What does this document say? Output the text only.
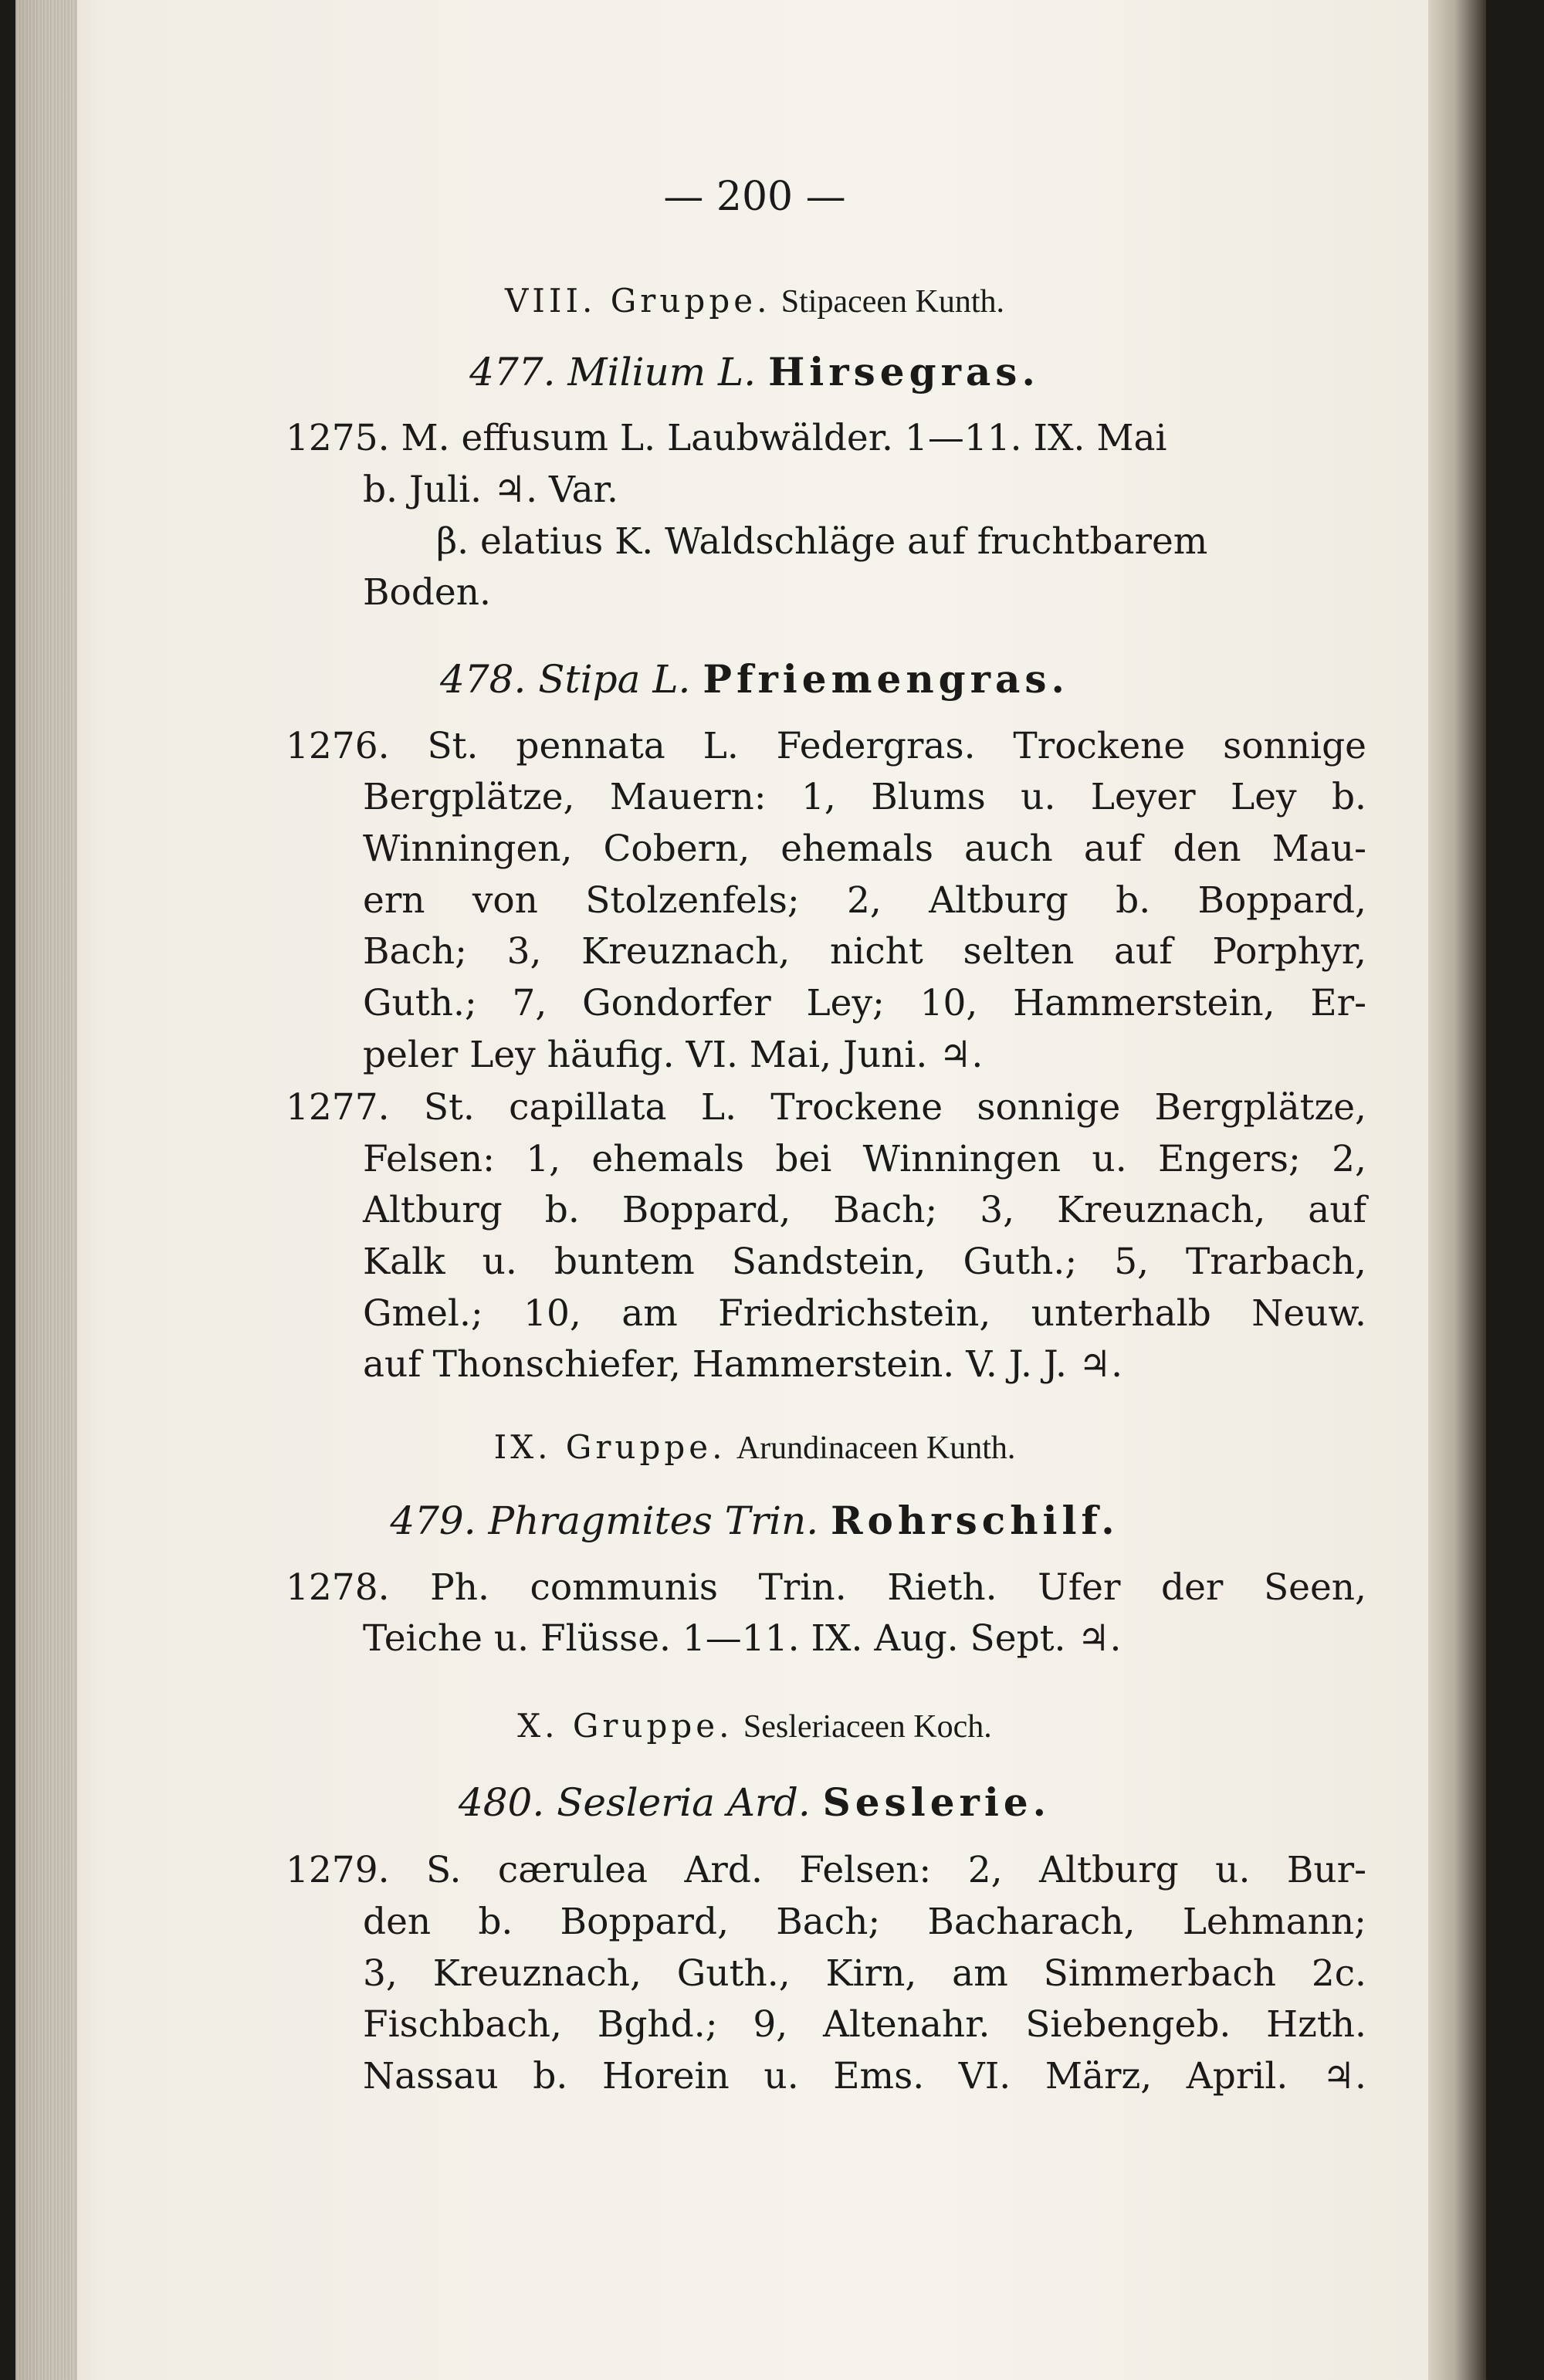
— 200 —
VIII. Gruppe. Stipaceen Kunth.
477. Milium L. Hirsegras.
1275. M. effusum L. Laubwälder. 1—11. IX. Mai
b. Juli. ♃. Var.
β. elatius K. Waldschläge auf fruchtbarem
Boden.
478. Stipa L. Pfriemengras.
1276. St. pennata L. Federgras. Trockene sonnige
Bergplätze, Mauern: 1, Blums u. Leyer Ley b.
Winningen, Cobern, ehemals auch auf den Mau-
ern von Stolzenfels; 2, Altburg b. Boppard,
Bach; 3, Kreuznach, nicht selten auf Porphyr,
Guth.; 7, Gondorfer Ley; 10, Hammerstein, Er-
peler Ley häufig. VI. Mai, Juni. ♃.
1277. St. capillata L. Trockene sonnige Bergplätze,
Felsen: 1, ehemals bei Winningen u. Engers; 2,
Altburg b. Boppard, Bach; 3, Kreuznach, auf
Kalk u. buntem Sandstein, Guth.; 5, Trarbach,
Gmel.; 10, am Friedrichstein, unterhalb Neuw.
auf Thonschiefer, Hammerstein. V. J. J. ♃.
IX. Gruppe. Arundinaceen Kunth.
479. Phragmites Trin. Rohrschilf.
1278. Ph. communis Trin. Rieth. Ufer der Seen,
Teiche u. Flüsse. 1—11. IX. Aug. Sept. ♃.
X. Gruppe. Sesleriaceen Koch.
480. Sesleria Ard. Seslerie.
1279. S. cærulea Ard. Felsen: 2, Altburg u. Bur-
den b. Boppard, Bach; Bacharach, Lehmann;
3, Kreuznach, Guth., Kirn, am Simmerbach 2c.
Fischbach, Bghd.; 9, Altenahr. Siebengeb. Hzth.
Nassau b. Horein u. Ems. VI. März, April. ♃.
